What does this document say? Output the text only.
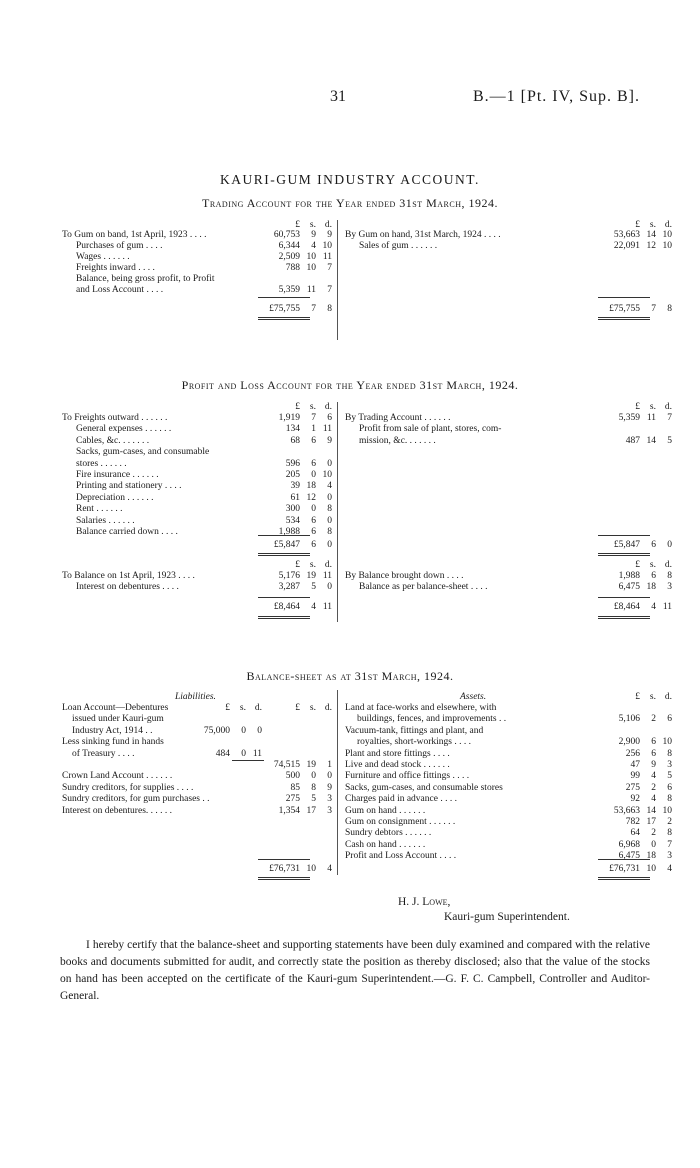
31	B.—1 [Pt. IV, Sup. B].
KAURI-GUM INDUSTRY ACCOUNT.
Trading Account for the Year ended 31st March, 1924.
£	s. d.	£	s. d.
To Gum on band, 1st April, 1923 . . . .	60,753	9	9
Purchases of gum . . . .	6,344	4 10
Wages . . . . . .	2,509 10 11
Freights inward . . . .	788 10	7
Balance, being gross profit, to Profit
and Loss Account . . . .	5,359 11	7
By Gum on hand, 31st March, 1924 . . . .	53,663 14 10
Sales of gum . . . . . .	22,091 12 10
£75,755	7	8	£75,755	7	8
Profit and Loss Account for the Year ended 31st March, 1924.
£	s. d.	£	s. d.
To Freights outward . . . . . .	1,919	7	6
General expenses . . . . . .	134	1 11
Cables, &c. . . . . . .	68	6	9
Sacks, gum-cases, and consumable
stores . . . . . .	596	6	0
Fire insurance . . . . . .	205	0 10
Printing and stationery . . . .	39 18	4
Depreciation . . . . . .	61 12	0
Rent . . . . . .	300	0	8
Salaries . . . . . .	534	6	0
Balance carried down . . . .	1,988	6	8
By Trading Account . . . . . .	5,359 11	7
Profit from sale of plant, stores, com-
mission, &c. . . . . . .	487 14	5
£5,847	6	0	£5,847	6	0
£	s. d.	£	s. d.
To Balance on 1st April, 1923 . . . .	5,176 19 11
Interest on debentures . . . .	3,287	5	0
By Balance brought down . . . .	1,988	6	8
Balance as per balance-sheet . . . .	6,475 18	3
£8,464	4 11	£8,464	4 11
Balance-sheet as at 31st March, 1924.
Liabilities.	Assets.	£	s. d.
Loan Account—Debentures	£	s. d.	£	s. d.
issued under Kauri-gum
Industry Act, 1914 . .	75,000	0	0
Less sinking fund in hands
of Treasury . . . .	484	0 11
74,515 19	1
Crown Land Account . . . . . .	500	0	0
Sundry creditors, for supplies . . . .	85	8	9
Sundry creditors, for gum purchases . .	275	5	3
Interest on debentures. . . . . .	1,354 17	3
Land at face-works and elsewhere, with
buildings, fences, and improvements . .	5,106	2	6
Vacuum-tank, fittings and plant, and
royalties, short-workings . . . .	2,900	6 10
Plant and store fittings . . . .	256	6	8
Live and dead stock . . . . . .	47	9	3
Furniture and office fittings . . . .	99	4	5
Sacks, gum-cases, and consumable stores	275	2	6
Charges paid in advance . . . .	92	4	8
Gum on hand . . . . . .	53,663 14 10
Gum on consignment . . . . . .	782 17	2
Sundry debtors . . . . . .	64	2	8
Cash on hand . . . . . .	6,968	0	7
Profit and Loss Account . . . .	6,475 18	3
£76,731 10	4	£76,731 10	4
H. J. Lowe,
Kauri-gum Superintendent.
I hereby certify that the balance-sheet and supporting statements have been duly examined and compared with the relative books and documents submitted for audit, and correctly state the position as thereby disclosed; also that the value of the stocks on hand has been accepted on the certificate of the Kauri-gum Superintendent.—G. F. C. Campbell, Controller and Auditor-General.
